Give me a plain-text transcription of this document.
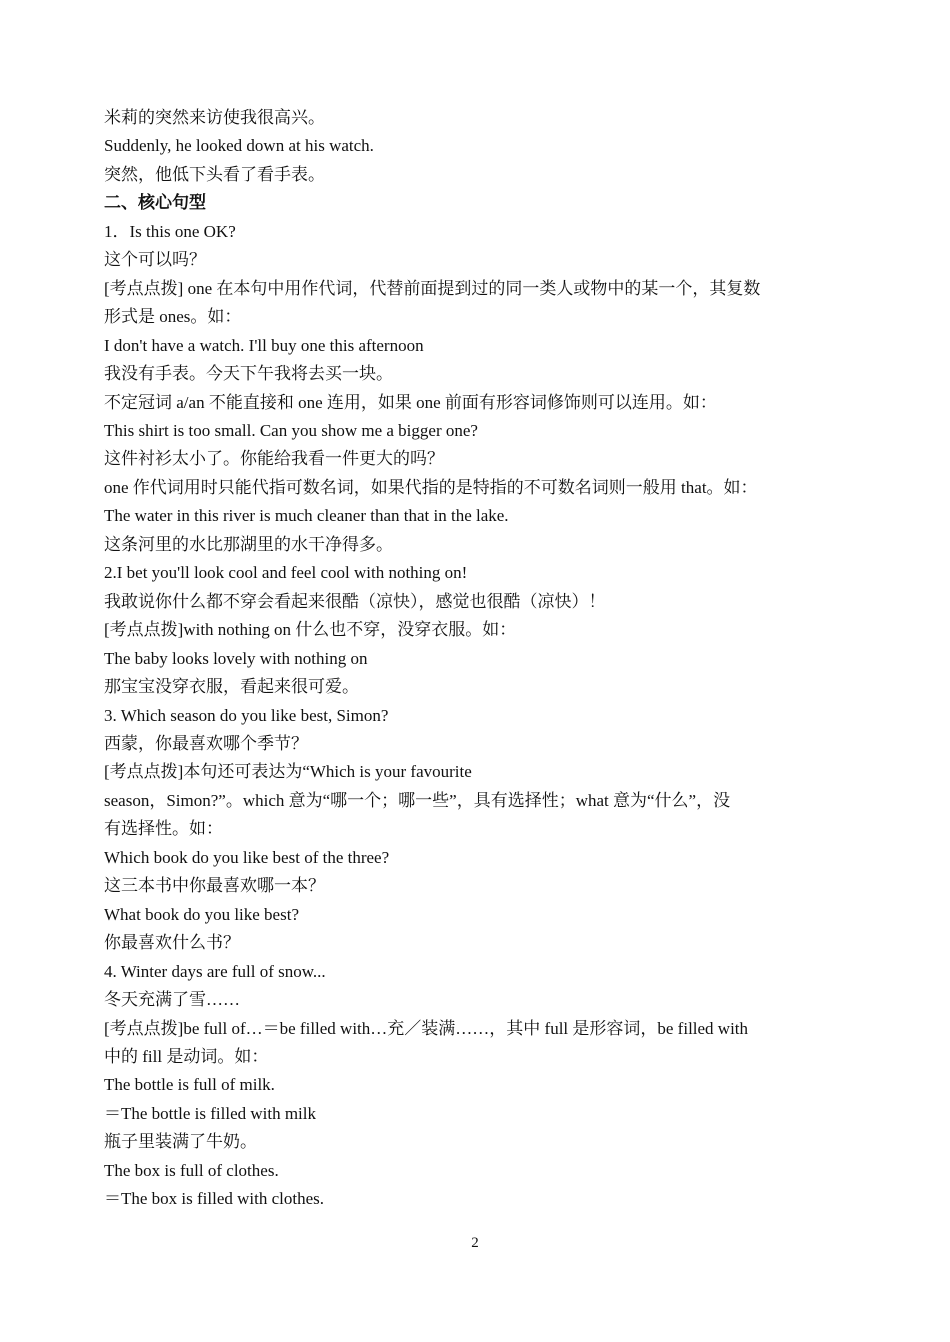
米莉的突然来访使我很高兴。

Suddenly, he looked down at his watch.

突然，他低下头看了看手表。

二、核心句型

1．Is this one OK?

这个可以吗？

[考点点拨] one 在本句中用作代词，代替前面提到过的同一类人或物中的某一个，其复数

形式是 ones。如：

I don't have a watch. I'll buy one this afternoon

我没有手表。今天下午我将去买一块。

不定冠词 a/an 不能直接和 one 连用，如果 one 前面有形容词修饰则可以连用。如：

This shirt is too small. Can you show me a bigger one?

这件衬衫太小了。你能给我看一件更大的吗？

one 作代词用时只能代指可数名词，如果代指的是特指的不可数名词则一般用 that。如：

The water in this river is much cleaner than that in the lake.

这条河里的水比那湖里的水干净得多。

2.I bet you'll look cool and feel cool with nothing on!

我敢说你什么都不穿会看起来很酷（凉快），感觉也很酷（凉快）！

[考点点拨]with nothing on 什么也不穿，没穿衣服。如：

The baby looks lovely with nothing on

那宝宝没穿衣服，看起来很可爱。

3. Which season do you like best, Simon?

西蒙，你最喜欢哪个季节？

[考点点拨]本句还可表达为“Which is your favourite

season，Simon?”。which 意为“哪一个；哪一些”，具有选择性；what 意为“什么”，没

有选择性。如：

Which book do you like best of the three?

这三本书中你最喜欢哪一本？

What book do you like best?

你最喜欢什么书？

4. Winter days are full of snow...

冬天充满了雪……

[考点点拨]be full of…＝be filled with…充／装满……，其中 full 是形容词，be filled with

中的 fill 是动词。如：

The bottle is full of milk.

＝The bottle is filled with milk

瓶子里装满了牛奶。

The box is full of clothes.

＝The box is filled with clothes.

2
